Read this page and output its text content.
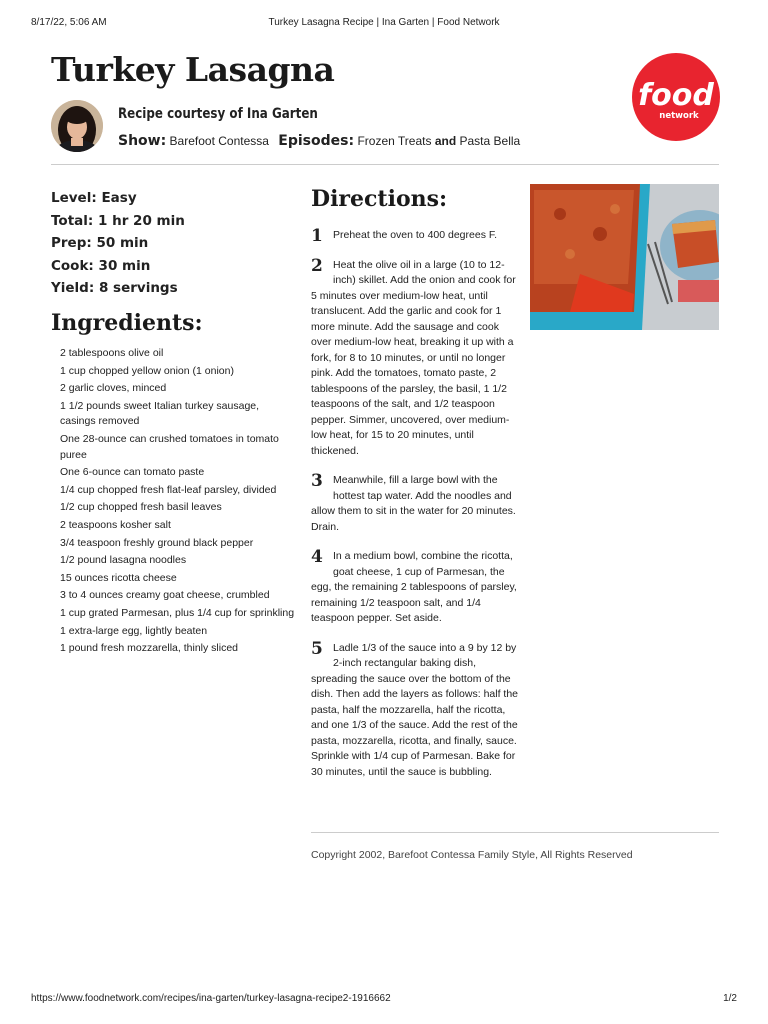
8/17/22, 5:06 AM	Turkey Lasagna Recipe | Ina Garten | Food Network
Turkey Lasagna
food
network
Recipe courtesy of Ina Garten
Show: Barefoot Contessa Episodes: Frozen Treats and Pasta Bella
Level: Easy
Total: 1 hr 20 min
Prep: 50 min
Cook: 30 min
Yield: 8 servings
Ingredients:
2 tablespoons olive oil
1 cup chopped yellow onion (1 onion)
2 garlic cloves, minced
1 1/2 pounds sweet Italian turkey sausage, casings removed
One 28-ounce can crushed tomatoes in tomato puree
One 6-ounce can tomato paste
1/4 cup chopped fresh flat-leaf parsley, divided
1/2 cup chopped fresh basil leaves
2 teaspoons kosher salt
3/4 teaspoon freshly ground black pepper
1/2 pound lasagna noodles
15 ounces ricotta cheese
3 to 4 ounces creamy goat cheese, crumbled
1 cup grated Parmesan, plus 1/4 cup for sprinkling
1 extra-large egg, lightly beaten
1 pound fresh mozzarella, thinly sliced
Directions:
1 Preheat the oven to 400 degrees F.
2 Heat the olive oil in a large (10 to 12-inch) skillet. Add the onion and cook for 5 minutes over medium-low heat, until translucent. Add the garlic and cook for 1 more minute. Add the sausage and cook over medium-low heat, breaking it up with a fork, for 8 to 10 minutes, or until no longer pink. Add the tomatoes, tomato paste, 2 tablespoons of the parsley, the basil, 1 1/2 teaspoons of the salt, and 1/2 teaspoon pepper. Simmer, uncovered, over medium-low heat, for 15 to 20 minutes, until thickened.
3 Meanwhile, fill a large bowl with the hottest tap water. Add the noodles and allow them to sit in the water for 20 minutes. Drain.
4 In a medium bowl, combine the ricotta, goat cheese, 1 cup of Parmesan, the egg, the remaining 2 tablespoons of parsley, remaining 1/2 teaspoon salt, and 1/4 teaspoon pepper. Set aside.
5 Ladle 1/3 of the sauce into a 9 by 12 by 2-inch rectangular baking dish, spreading the sauce over the bottom of the dish. Then add the layers as follows: half the pasta, half the mozzarella, half the ricotta, and one 1/3 of the sauce. Add the rest of the pasta, mozzarella, ricotta, and finally, sauce. Sprinkle with 1/4 cup of Parmesan. Bake for 30 minutes, until the sauce is bubbling.
Copyright 2002, Barefoot Contessa Family Style, All Rights Reserved
https://www.foodnetwork.com/recipes/ina-garten/turkey-lasagna-recipe2-1916662	1/2
